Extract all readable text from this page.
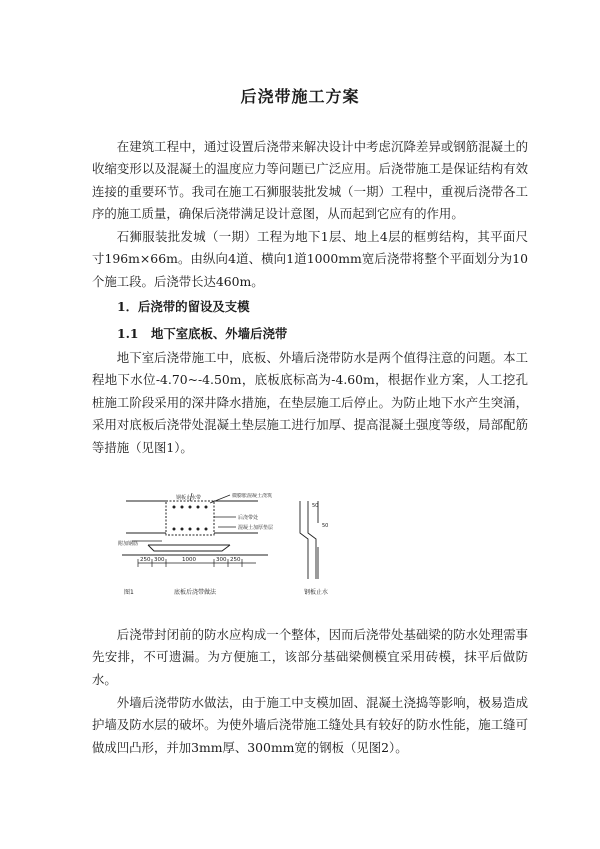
后浇带施工方案

在建筑工程中，通过设置后浇带来解决设计中考虑沉降差异或钢筋混凝土的收缩变形以及混凝土的温度应力等问题已广泛应用。后浇带施工是保证结构有效连接的重要环节。我司在施工石狮服装批发城（一期）工程中，重视后浇带各工序的施工质量，确保后浇带满足设计意图，从而起到它应有的作用。

石狮服装批发城（一期）工程为地下1层、地上4层的框剪结构，其平面尺寸196m×66m。由纵向4道、横向1道1000mm宽后浇带将整个平面划分为10个施工段。后浇带长达460m。

1．后浇带的留设及支模
1.1　地下室底板、外墙后浇带

地下室后浇带施工中，底板、外墙后浇带防水是两个值得注意的问题。本工程地下水位-4.70~-4.50m，底板底标高为-4.60m，根据作业方案，人工挖孔桩施工阶段采用的深井降水措施，在垫层施工后停止。为防止地下水产生突涌，采用对底板后浇带处混凝土垫层施工进行加厚、提高混凝土强度等级，局部配筋等措施（见图1）。

钢板止水带	微膨胀混凝土浇筑
后浇带处
混凝土加厚垫层
附加钢筋
250 300	1000	300 250
图1	底板后浇带做法
50
50
钢板止水

后浇带封闭前的防水应构成一个整体，因而后浇带处基础梁的防水处理需事先安排，不可遗漏。为方便施工，该部分基础梁侧模宜采用砖模，抹平后做防水。

外墙后浇带防水做法，由于施工中支模加固、混凝土浇捣等影响，极易造成护墙及防水层的破坏。为使外墙后浇带施工缝处具有较好的防水性能，施工缝可做成凹凸形，并加3mm厚、300mm宽的钢板（见图2）。
